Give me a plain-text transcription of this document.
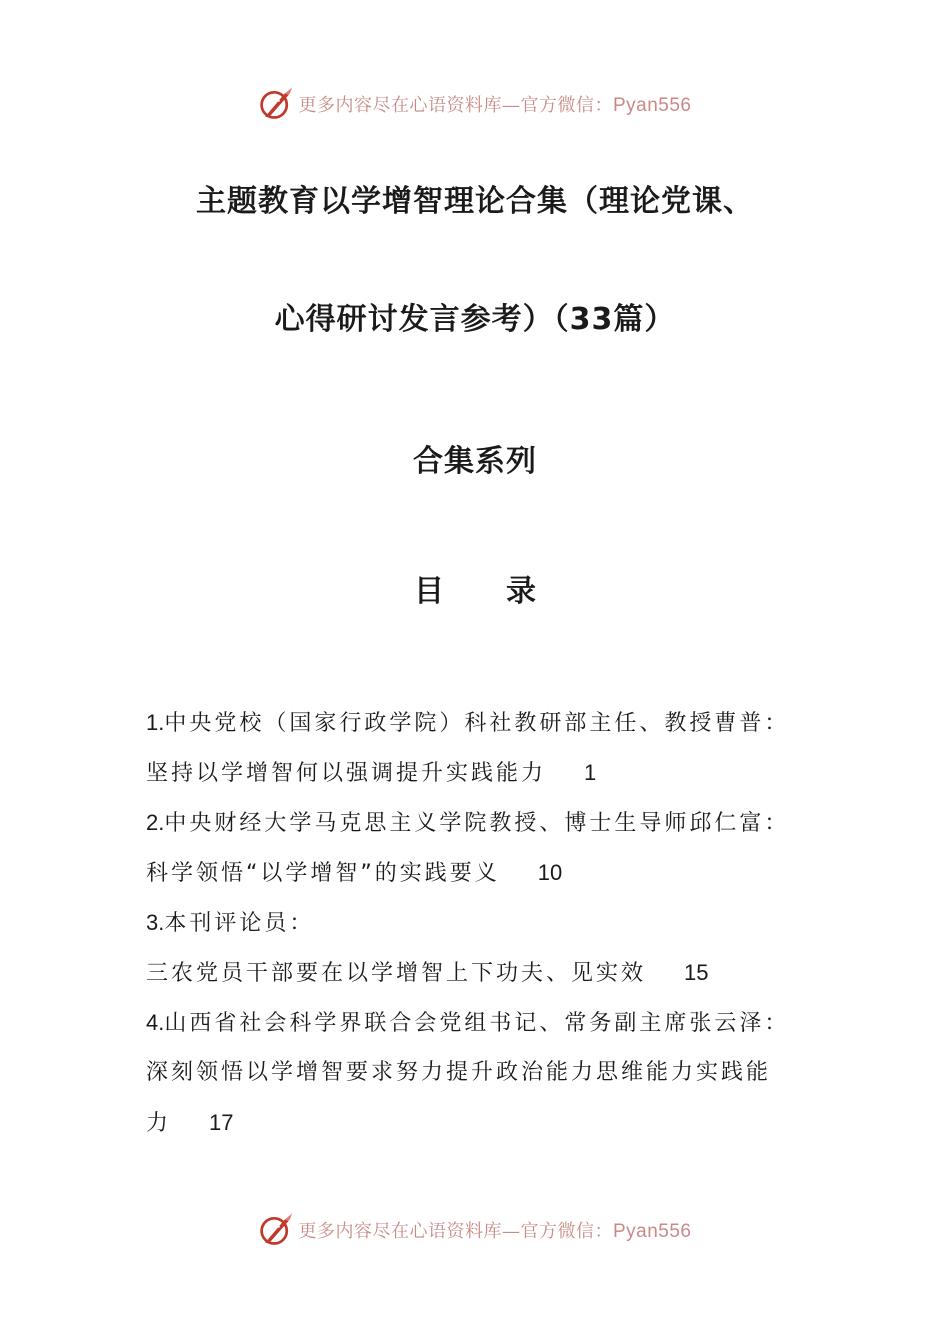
更多内容尽在心语资料库—官方微信：Pyan556
主题教育以学增智理论合集（理论党课、
心得研讨发言参考）（33篇）
合集系列
目 录
1.中央党校（国家行政学院）科社教研部主任、教授曹普：
坚持以学增智何以强调提升实践能力 1
2.中央财经大学马克思主义学院教授、博士生导师邱仁富：
科学领悟“以学增智”的实践要义 10
3.本刊评论员：
三农党员干部要在以学增智上下功夫、见实效 15
4.山西省社会科学界联合会党组书记、常务副主席张云泽：
深刻领悟以学增智要求努力提升政治能力思维能力实践能
力 17
更多内容尽在心语资料库—官方微信：Pyan556
